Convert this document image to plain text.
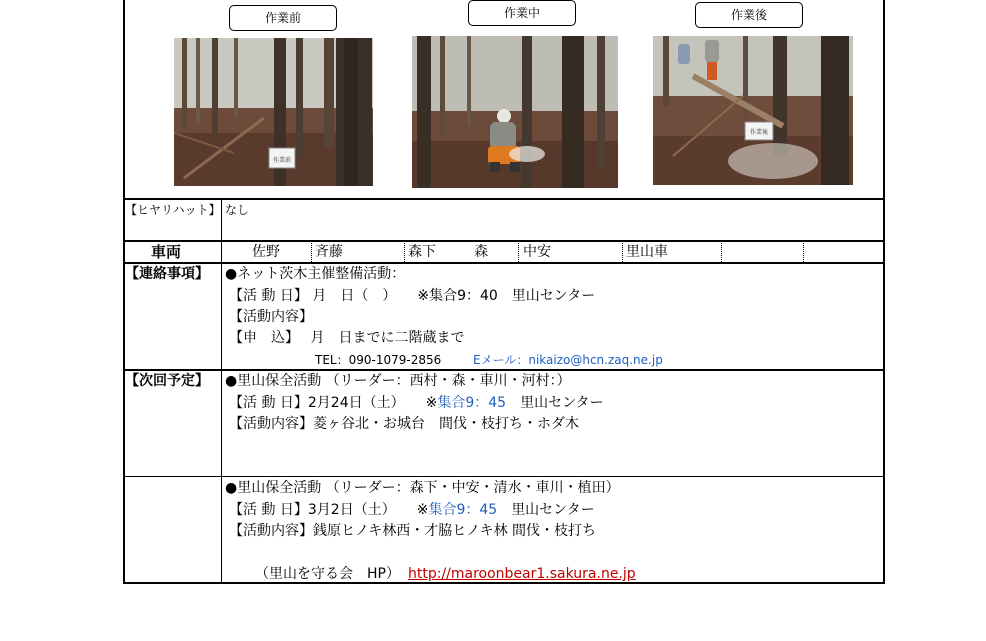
作業前	作業中	作業後
作業前
作業後
【ヒヤリハット】 なし
車両	佐野	斉藤	森下	森	中安	里山車
【連絡事項】 ●ネット茨木主催整備活動：
【活 動 日】 月　日（　）　　※集合9：40　里山センター
【活動内容】
【申　込】　 月　日までに二階蔵まで
TEL：090-1079-2856	Eメール：nikaizo@hcn.zaq.ne.jp
【次回予定】 ●里山保全活動 （リーダー：西村・森・車川・河村：）
【活 動 日】2月24日（土）　　※集合9：45　 里山センター
【活動内容】菱ヶ谷北・お城台　間伐・枝打ち・ホダ木
●里山保全活動 （リーダー：森下・中安・清水・車川・植田）
【活 動 日】3月2日（土）　　※集合9：45　 里山センター
【活動内容】銭原ヒノキ林西・才脇ヒノキ林 間伐・枝打ち
（里山を守る会　HP） http://maroonbear1.sakura.ne.jp
